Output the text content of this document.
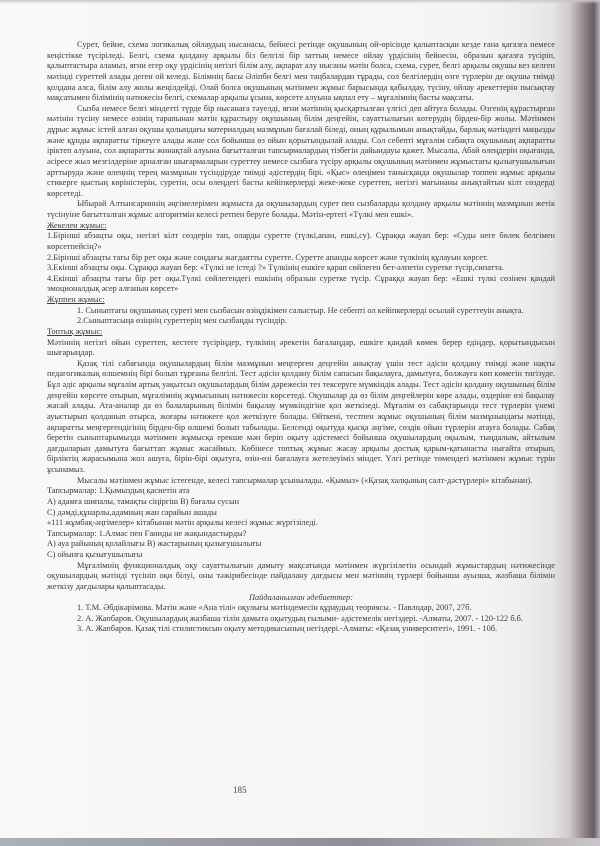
Сурет, бейне, схема логикалық ойлаудың нысанасы, бейнесі ретінде оқушының ой-өрісінде қалыптасқан кезде ғана қағазға немесе кеңістікке түсіріледі. Белгі, схема қолдану арқылы біз белгілі бір заттың немесе ойлау үрдісінің бейнесін, образын қағазға түсіріп, қалыптастыра аламыз, яғни егер оқу үрдісінің негізгі білім алу, ақпарат алу нысаны мәтін болса, схема, сурет, белгі арқылы оқушы кез келген мәтінді суреттей алады деген ой келеді. Білімнің басы Әліпби белгі мен таңбалардан тұрады, сол белгілердің өзге түрлерін де оқушы тиімді қолдана алса, білім алу жолы жеңілдейді. Олай болса оқушының мәтінмен жұмыс барысында қабылдау, түсіну, ойлау әрекеттерін пысықтау мақсатымен білімінің нәтижесін белгі, схемалар арқылы ұсына, көрсете алуына ықпал ету – мұғалімнің басты мақсаты.

Сызба немесе белгі міндетті түрде бір нысанаға тәуелді, яғни мәтіннің қысқартылған үлгісі деп айтуға болады. Өзгенің құрастырған мәтінін түсіну немесе өзінің тарапынан мәтін құрастыру оқушының білім деңгейін, сауаттылығын көтерудің бірден-бір жолы. Мәтінмен дұрыс жұмыс істей алған оқушы қолындағы материалдың мазмұнын бағалай біледі, оның құрылымын анықтайды, барлық мәтіндегі маңызды және құнды ақпаратты тіркеуге алады және сол бойынша өз ойын қорытындылай алады. Сол себепті мұғалім сабақта оқушының ақпаратты іріктеп алуына, сол ақпаратты жинақтай алуына бағытталған тапсырмалардың тізбегін дайындауы қажет. Мысалы, Абай өлеңдерін оқығанда, әсіресе жыл мезгілдеріне арналған шығармаларын суреттеу немесе сызбаға түсіру арқылы оқушының мәтінмен жұмыстағы қызығушылығын арттыруда және өлеңнің терең мазмұнын түсіндіруде тиімді әдістердің бірі. «Қыс» өлеңімен танысқанда оқушылар топпен жұмыс арқылы стикерге қыстың көріністерін, суретін, осы өлеңдегі басты кейіпкерлерді жеке-жеке суреттеп, негізгі мағынаны анықтайтын кілт сөздерді көрсетеді.

Ыбырай Алтынсариннің әңгімелерімен жұмыста да оқушылардың сурет пен сызбаларды қолдану арқылы мәтіннің мазмұнын жетік түсінуіне бағытталған жұмыс алгоритмін келесі ретпен беруге болады. Мәтін-ертегі «Түлкі мен ешкі».

Жекелеи жұмыс:

1.Бірінші абзацты оқы, негізгі кілт сөздерін тап, оларды суретте (түлкі,апан, ешкі,су). Сұраққа жауап бер: «Суды неге бөлек белгімен көрсетпейсің?»

2.Бірінші абзацты тағы бір рет оқы және соңдағы жағдаятты суретте. Суретте апанды көрсет және түлкінің құлауын көрсет.

3.Екінші абзацты оқы. Сұраққа жауап бер: «Түлкі не істеді ?» Түлкінің ешкіге қарап сөйлеген бет-әлпетін суретке түсір,сипатта.

4.Екінші абзацты тағы бір рет оқы.Түлкі сөйлегендегі ешкінің образын суретке түсір. Сұраққа жауап бер: «Ешкі түлкі сөзінен қандай эмоционалдық әсер алғанын көрсет»

Жұппен жұмыс:

1. Сыныптағы оқушының суреті мен сызбасын өзіңдікімен салыстыр. Не себепті ол кейіпкерлерді осылай суреттеуін анықта.

2.Сыныптасыңа өзіңнің суреттерің мен сызбаңды түсіндір.

Топтық жұмыс:

Мәтіннің негізгі ойын суреттеп, кестеге түсіріңдер, түлкінің әрекетін бағалаңдар, ешкіге қандай көмек берер едіңдер, қорытындысын шығарыңдар.

Қазақ тілі сабағында оқушылардың білім мазмұнын меңгерген деңгейін анықтау үшін тест әдісін қолдану тиімді және нақты педагогикалық өлшемнің бірі болып тұрғаны белгілі. Тест әдісін қолдану білім сапасын бақылауға, дамытуға, болжауға көп көмегін тигізуде. Бұл әдіс арқылы мұғалім артық уақытсыз оқушылардың білім дәрежесін тез тексеруге мүмкіндік алады. Тест әдісін қолдану оқушының білім деңгейін көрсете отырып, мұғалімнің жұмысының нәтижесін көрсетеді. Оқушылар да өз білім деңгейлерін көре алады, өздеріне өзі бақылау жасай алады. Ата-аналар да өз балаларының білімін бақылау мүмкіндігіне қол жеткізеді. Мұғалім өз сабақтарында тест түрлерін үнемі ауыстырып қолданып отырса, жоғары нәтижеге қол жеткізуге болады. Өйткені, тестпен жұмыс оқушының білім мазмұнындағы мәтінді, ақпаратты меңгергендігінің бірден-бір өлшемі болып табылады. Белсенді оқытуда қысқа әңгіме, сөздік ойын түрлерін атауға болады. Сабақ беретін сыныптарымызда мәтінмен жұмысқа ерекше мән беріп оқыту әдістемесі бойынша оқушылардың оқылым, тыңдалым, айтылым дағдыларын дамытуға бағыттап жұмыс жасаймыз. Көбінесе топтық жұмыс жасау арқылы достық қарым-қатынасты нығайта отырып, бірліктің жарасымына жол ашуға, бірін-бірі оқытуға, өзін-өзі бағалауға жетелеуіміз міндет. Үлгі ретінде төмендегі мәтінмен жұмыс түрін ұсынамыз.

Мысалы мәтінмен жұмыс істегенде, келесі тапсырмалар ұсынылады. «Қымыз» («Қазақ халқының салт-дәстүрлері» кітабынан).

Тапсырмалар: 1.Қымыздың қасиетін ата

А) адамға шипалы, тамақты сіңіргіш В) бағалы сусын

С) дәмді,құнарлы,адамның жан сарайын ашады

«111 жұмбақ-әңгімелер» кітабынан мәтін арқылы келесі жұмыс жүргізіледі.

Тапсырмалар: 1.Алмас пен Ғаниды не жақындастырды?

А) ауа райының қолайлығы В) жастарының қызығушылығы

С) ойынға қызығушылығы

Мұғалімнің функционалдық оқу сауаттылығын дамыту мақсатында мәтінмен жүргізілетін осындай жұмыстардың нәтижесінде оқушылардың мәтінді түсініп оқи білуі, оны тәжірибесінде пайдалану дағдысы мен мәтіннің түрлері бойынша ауызша, жазбаша білімін жеткізу дағдылары қалыптасады.

Пайдаланылған әдебиеттер:

1. Т.М. Әбдікәрімова. Мәтін және «Ана тілі» оқулығы мәтіндемесін құраудың теориясы. - Павлодар, 2007, 27б.

2. А. Жапбаров. Оқушылардың жазбаша тілін дамыта оқытудың ғылыми- әдістемелік негіздері. -Алматы, 2007. - 120-122 б.б.

3. А. Жапбаров. Қазақ тілі стилистиксын оқыту методикасының негіздері.-Алматы: «Қазақ университеті», 1991. - 10б.

185
